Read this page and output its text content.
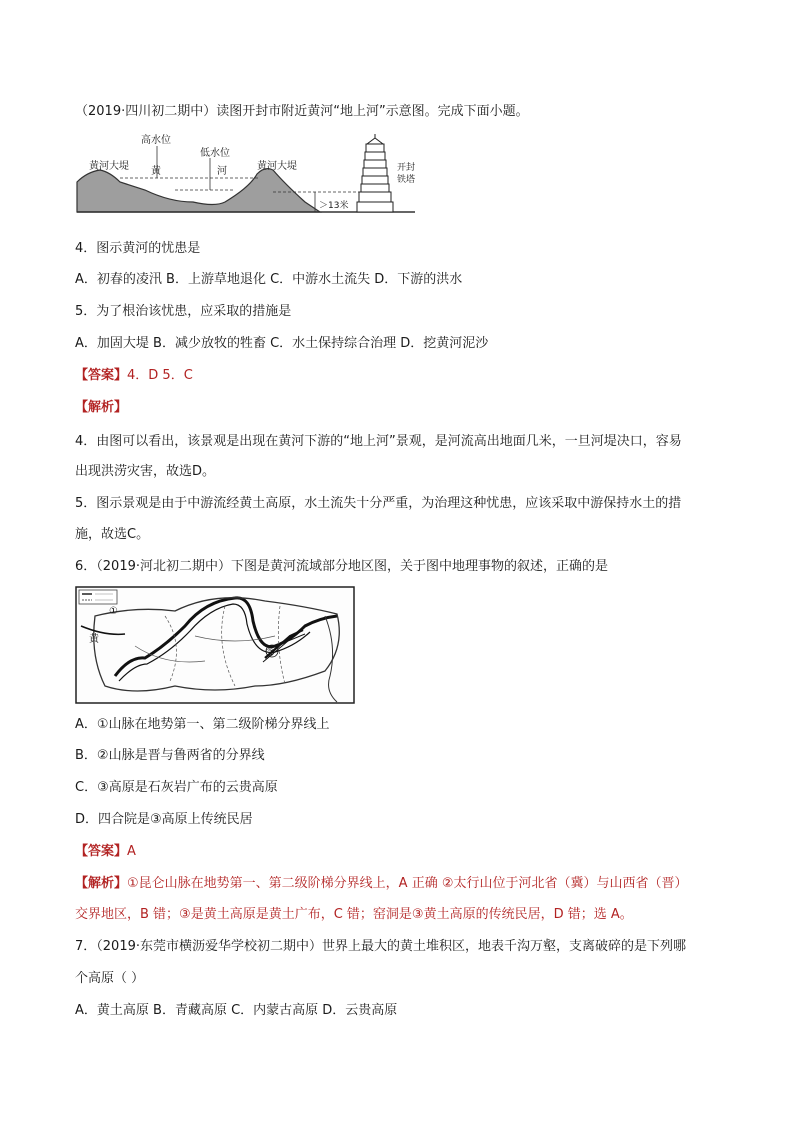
（2019·四川初二期中）读图开封市附近黄河“地上河”示意图。完成下面小题。
黄河大堤
高水位
低水位
黄	河	黄河大堤
＞13米
开封铁塔
4．图示黄河的忧患是
A．初春的凌汛 B．上游草地退化 C．中游水土流失 D．下游的洪水
5．为了根治该忧患，应采取的措施是
A．加固大堤 B．减少放牧的牲畜 C．水土保持综合治理 D．挖黄河泥沙
【答案】4．D 5．C
【解析】
4．由图可以看出，该景观是出现在黄河下游的“地上河”景观，是河流高出地面几米，一旦河堤决口，容易
出现洪涝灾害，故选D。
5．图示景观是由于中游流经黄土高原，水土流失十分严重，为治理这种忧患，应该采取中游保持水土的措
施，故选C。
6．（2019·河北初二期中）下图是黄河流域部分地区图，关于图中地理事物的叙述，正确的是
黄
①
②
A．①山脉在地势第一、第二级阶梯分界线上
B．②山脉是晋与鲁两省的分界线
C．③高原是石灰岩广布的云贵高原
D．四合院是③高原上传统民居
【答案】A
【解析】①昆仑山脉在地势第一、第二级阶梯分界线上，A 正确 ②太行山位于河北省（冀）与山西省（晋）
交界地区，B 错；③是黄土高原是黄土广布，C 错；窑洞是③黄土高原的传统民居，D 错；选 A。
7．（2019·东莞市横沥爱华学校初二期中）世界上最大的黄土堆积区，地表千沟万壑，支离破碎的是下列哪
个高原（ ）
A．黄土高原 B．青藏高原 C．内蒙古高原 D．云贵高原
